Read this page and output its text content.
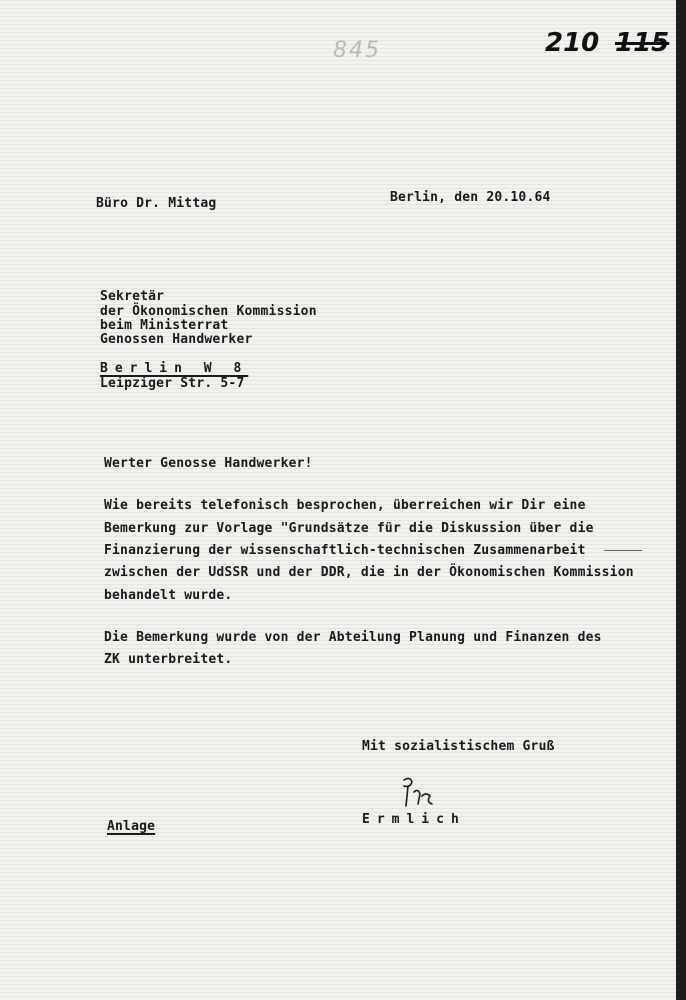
845	210 115
Büro Dr. Mittag	Berlin, den 20.10.64
Sekretär
der Ökonomischen Kommission
beim Ministerrat
Genossen Handwerker
Berlin W 8
Leipziger Str. 5-7
Werter Genosse Handwerker!
Wie bereits telefonisch besprochen, überreichen wir Dir eine
Bemerkung zur Vorlage "Grundsätze für die Diskussion über die
Finanzierung der wissenschaftlich-technischen Zusammenarbeit
zwischen der UdSSR und der DDR, die in der Ökonomischen Kommission
behandelt wurde.
Die Bemerkung wurde von der Abteilung Planung und Finanzen des
ZK unterbreitet.
Mit sozialistischem Gruß
Ermlich
Anlage
